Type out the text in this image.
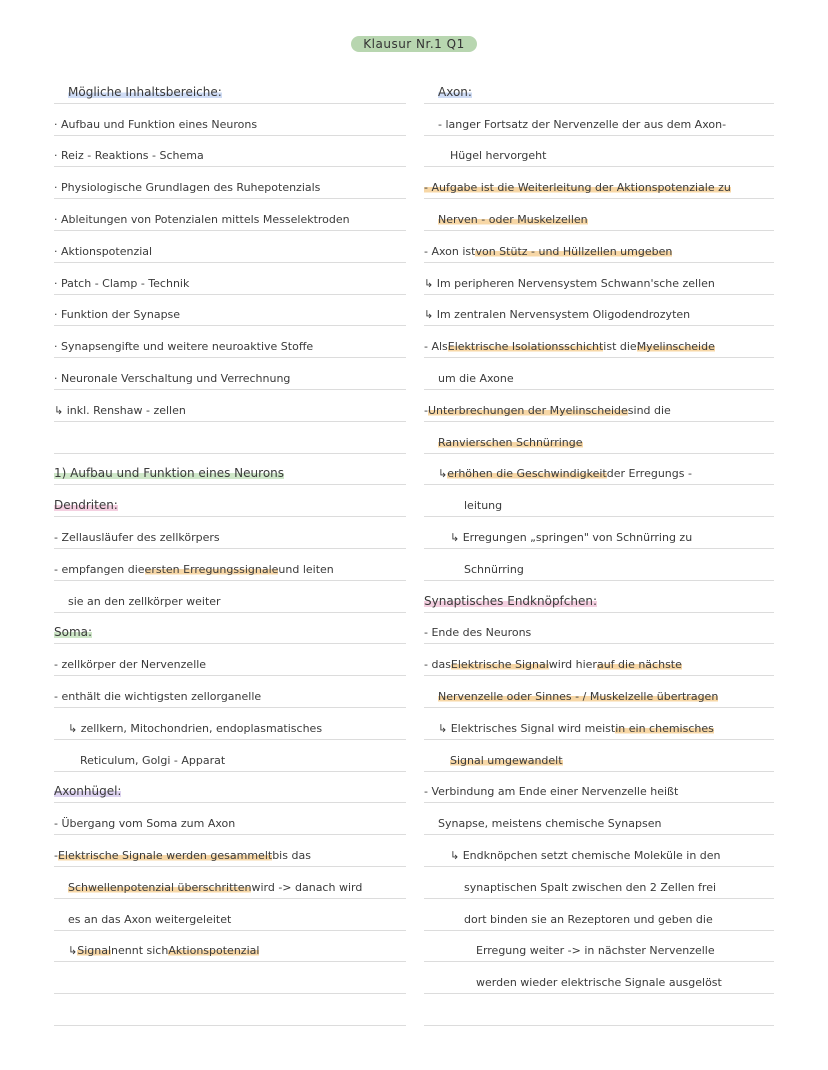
Klausur Nr.1 Q1
Mögliche Inhaltsbereiche:
· Aufbau und Funktion eines Neurons
· Reiz - Reaktions - Schema
· Physiologische Grundlagen des Ruhepotenzials
· Ableitungen von Potenzialen mittels Messelektroden
· Aktionspotenzial
· Patch - Clamp - Technik
· Funktion der Synapse
· Synapsengifte und weitere neuroaktive Stoffe
· Neuronale Verschaltung und Verrechnung
↳ inkl. Renshaw - zellen
1) Aufbau und Funktion eines Neurons
Dendriten:
- Zellausläufer des zellkörpers
- empfangen die ersten Erregungssignale und leiten
sie an den zellkörper weiter
Soma:
- zellkörper der Nervenzelle
- enthält die wichtigsten zellorganelle
↳ zellkern, Mitochondrien, endoplasmatisches
Reticulum, Golgi - Apparat
Axonhügel:
- Übergang vom Soma zum Axon
- Elektrische Signale werden gesammelt bis das
Schwellenpotenzial überschritten wird -> danach wird
es an das Axon weitergeleitet
↳ Signal nennt sich Aktionspotenzial
Axon:
- langer Fortsatz der Nervenzelle der aus dem Axon-
Hügel hervorgeht
- Aufgabe ist die Weiterleitung der Aktionspotenziale zu
Nerven - oder Muskelzellen
- Axon ist von Stütz - und Hüllzellen umgeben
↳ Im peripheren Nervensystem Schwann'sche zellen
↳ Im zentralen Nervensystem Oligodendrozyten
- Als Elektrische Isolationsschicht ist die Myelinscheide
um die Axone
- Unterbrechungen der Myelinscheide sind die
Ranvierschen Schnürringe
↳ erhöhen die Geschwindigkeit der Erregungs -
leitung
↳ Erregungen „springen" von Schnürring zu
Schnürring
Synaptisches Endknöpfchen:
- Ende des Neurons
- das Elektrische Signal wird hier auf die nächste
Nervenzelle oder Sinnes - / Muskelzelle übertragen
↳ Elektrisches Signal wird meist in ein chemisches
Signal umgewandelt
- Verbindung am Ende einer Nervenzelle heißt
Synapse, meistens chemische Synapsen
↳ Endknöpchen setzt chemische Moleküle in den
synaptischen Spalt zwischen den 2 Zellen frei
dort binden sie an Rezeptoren und geben die
Erregung weiter -> in nächster Nervenzelle
werden wieder elektrische Signale ausgelöst
